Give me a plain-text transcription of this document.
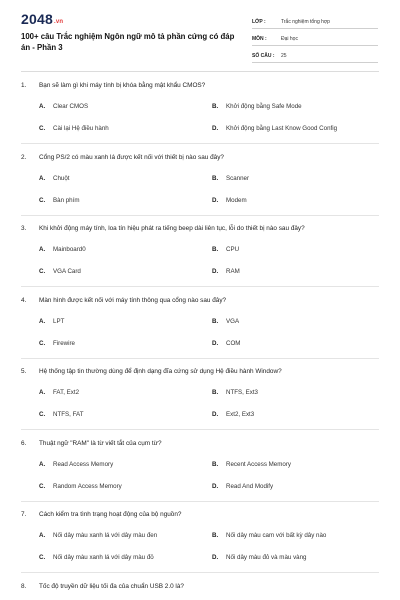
2048.vn
100+ câu Trắc nghiệm Ngôn ngữ mô tả phần cứng có đáp án - Phần 3
LỚP :	Trắc nghiệm tổng hợp
MÔN :	Đại học
SỐ CÂU :	25
1. Bạn sẽ làm gì khi máy tính bị khóa bằng mật khẩu CMOS?
A. Clear CMOS	B. Khởi động bằng Safe Mode
C. Cài lại Hệ điều hành	D. Khởi động bằng Last Know Good Config
2. Cổng PS/2 có màu xanh lá được kết nối với thiết bị nào sau đây?
A. Chuột	B. Scanner
C. Bàn phím	D. Modem
3. Khi khởi động máy tính, loa tín hiệu phát ra tiếng beep dài liên tục, lỗi do thiết bị nào sau đây?
A. Mainboard0	B. CPU
C. VGA Card	D. RAM
4. Màn hình được kết nối với máy tính thông qua cổng nào sau đây?
A. LPT	B. VGA
C. Firewire	D. COM
5. Hệ thống tập tin thường dùng để định dạng đĩa cứng sử dụng Hệ điều hành Window?
A. FAT, Ext2	B. NTFS, Ext3
C. NTFS, FAT	D. Ext2, Ext3
6. Thuật ngữ "RAM" là từ viết tắt của cụm từ?
A. Read Access Memory	B. Recent Access Memory
C. Random Access Memory	D. Read And Modify
7. Cách kiểm tra tình trạng hoạt động của bộ nguồn?
A. Nối dây màu xanh lá với dây màu đen	B. Nối dây màu cam với bất kỳ dây nào
C. Nối dây màu xanh lá với dây màu đỏ	D. Nối dây màu đỏ và màu vàng
8. Tốc độ truyền dữ liệu tối đa của chuẩn USB 2.0 là?
